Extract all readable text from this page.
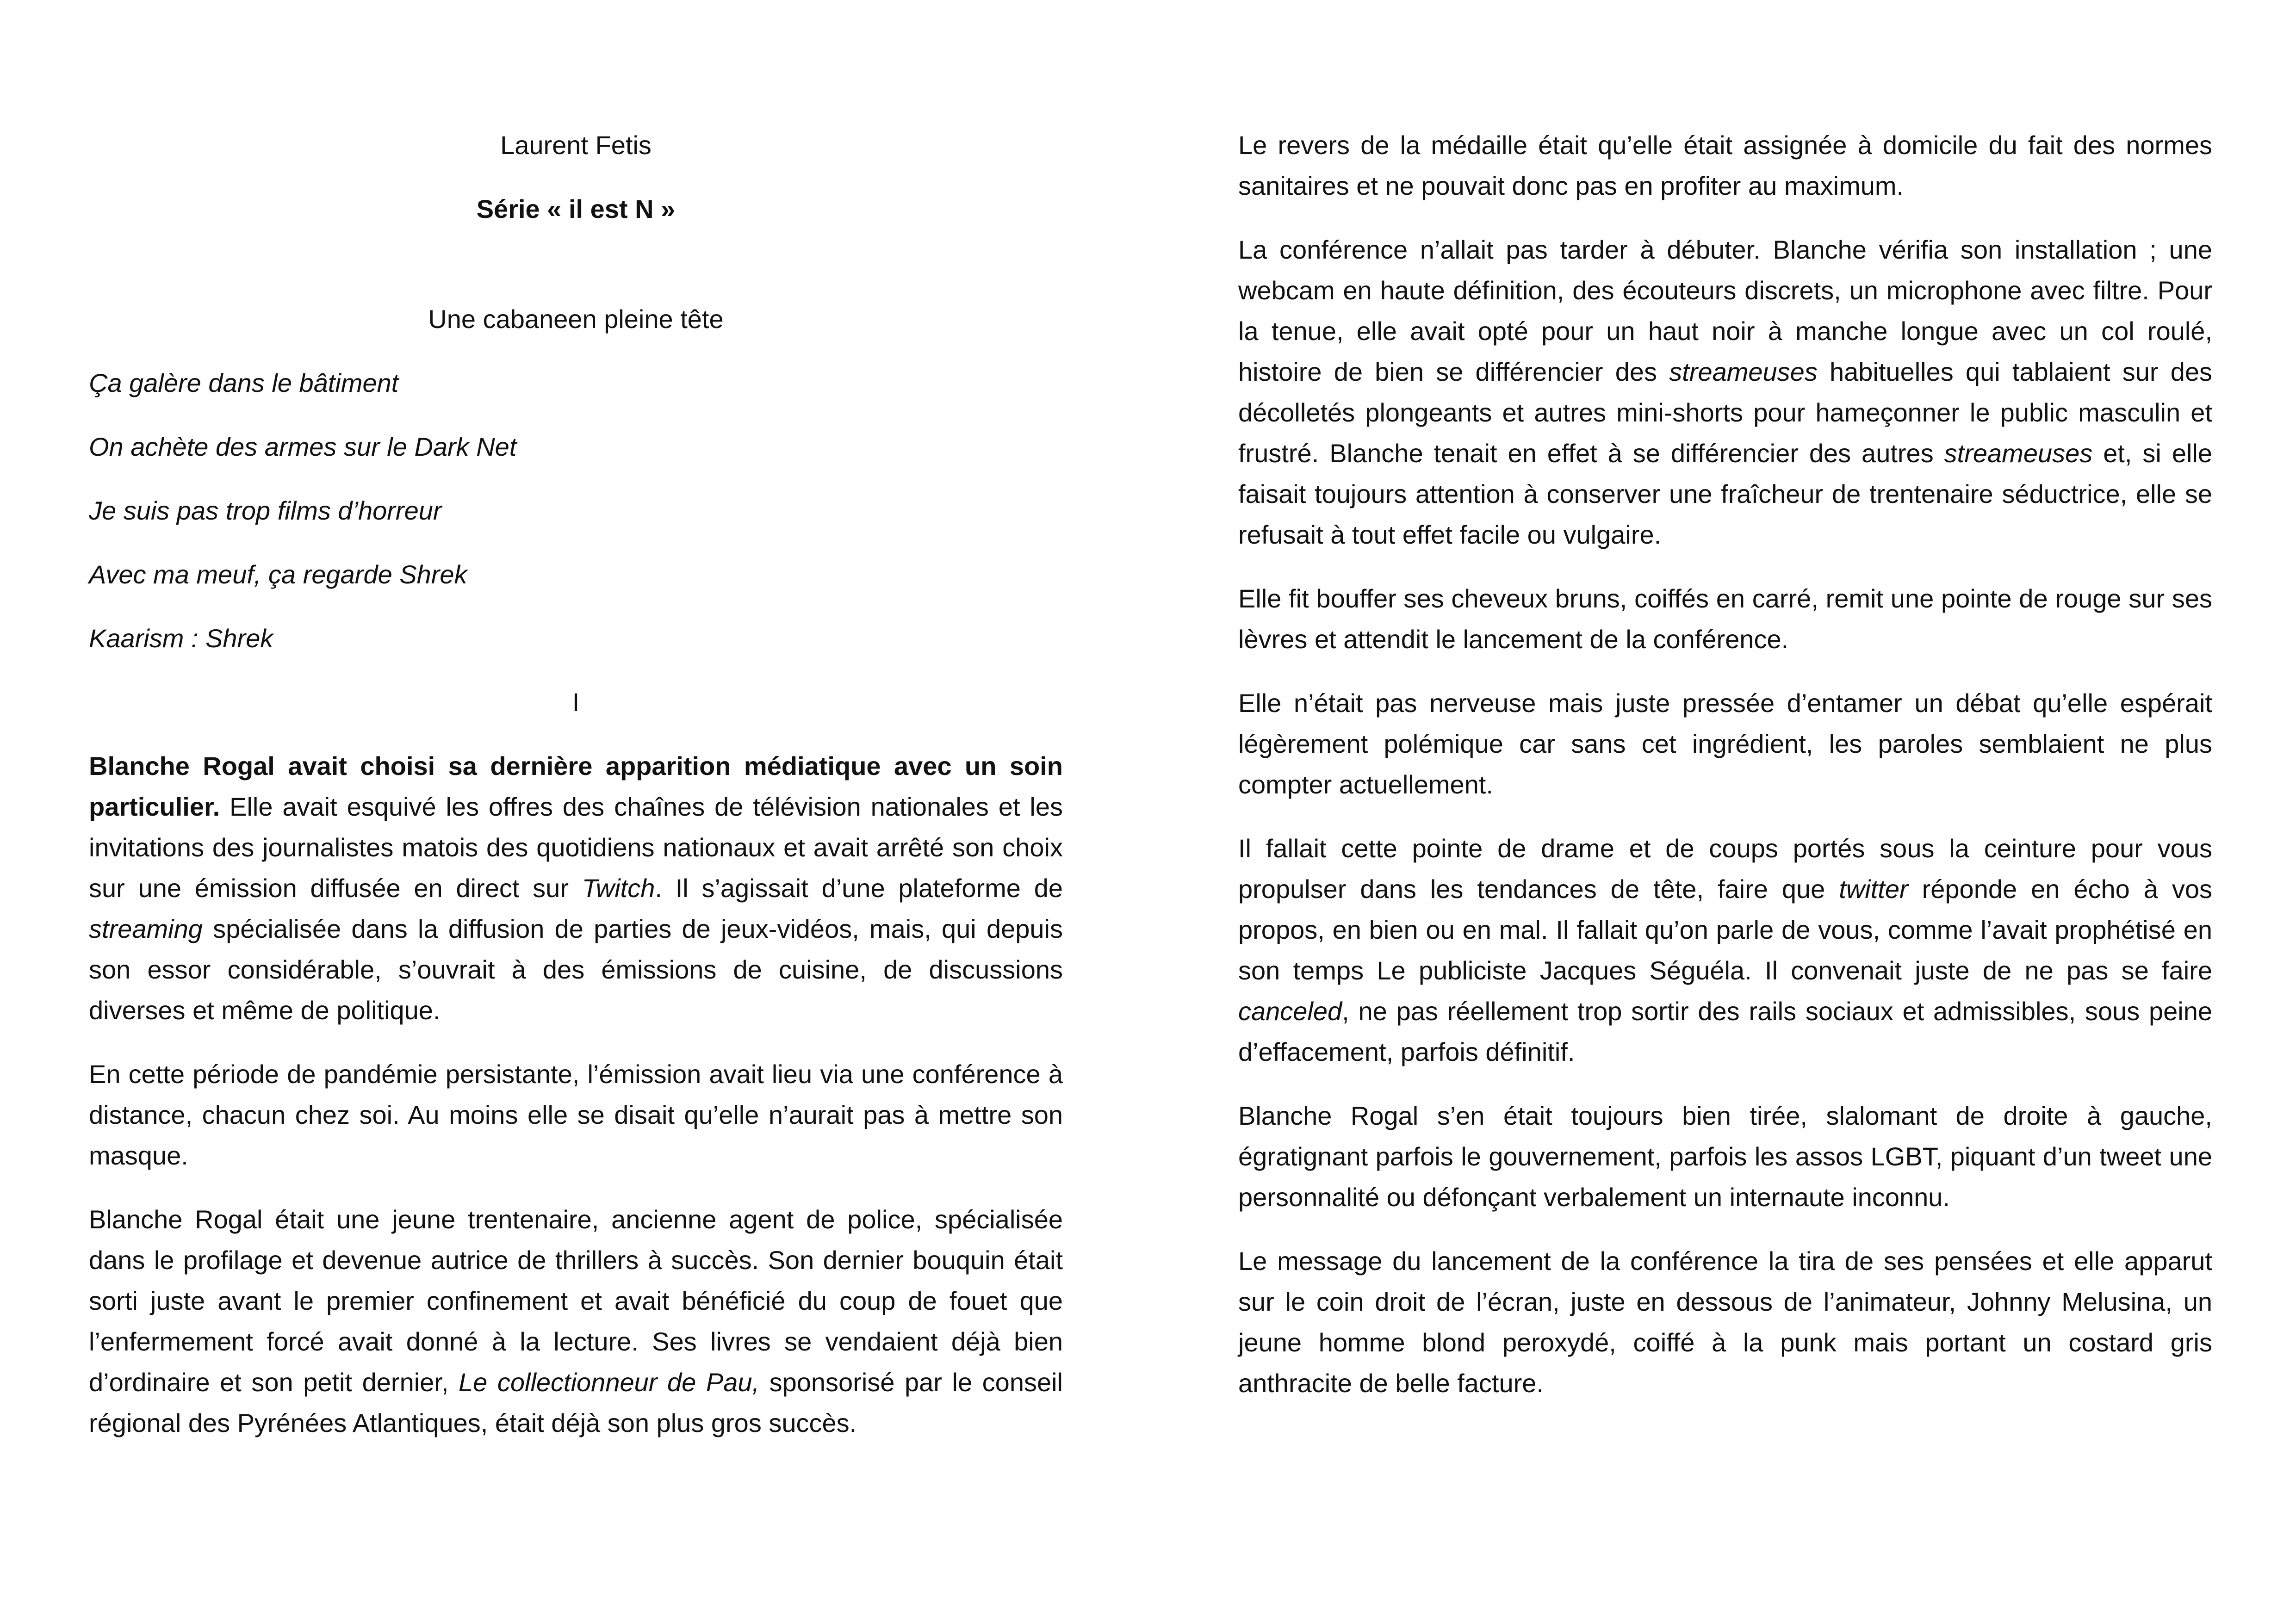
Laurent Fetis

Série « il est N »

Une cabaneen pleine tête

Ça galère dans le bâtiment

On achète des armes sur le Dark Net

Je suis pas trop films d’horreur

Avec ma meuf, ça regarde Shrek

Kaarism : Shrek

I

Blanche Rogal avait choisi sa dernière apparition médiatique avec un soin particulier. Elle avait esquivé les offres des chaînes de télévision nationales et les invitations des journalistes matois des quotidiens nationaux et avait arrêté son choix sur une émission diffusée en direct sur Twitch. Il s’agissait d’une plateforme de streaming spécialisée dans la diffusion de parties de jeux-vidéos, mais, qui depuis son essor considérable, s’ouvrait à des émissions de cuisine, de discussions diverses et même de politique.

En cette période de pandémie persistante, l’émission avait lieu via une conférence à distance, chacun chez soi. Au moins elle se disait qu’elle n’aurait pas à mettre son masque.

Blanche Rogal était une jeune trentenaire, ancienne agent de police, spécialisée dans le profilage et devenue autrice de thrillers à succès. Son dernier bouquin était sorti juste avant le premier confinement et avait bénéficié du coup de fouet que l’enfermement forcé avait donné à la lecture. Ses livres se vendaient déjà bien d’ordinaire et son petit dernier, Le collectionneur de Pau, sponsorisé par le conseil régional des Pyrénées Atlantiques, était déjà son plus gros succès.

Le revers de la médaille était qu’elle était assignée à domicile du fait des normes sanitaires et ne pouvait donc pas en profiter au maximum.

La conférence n’allait pas tarder à débuter. Blanche vérifia son installation ; une webcam en haute définition, des écouteurs discrets, un microphone avec filtre. Pour la tenue, elle avait opté pour un haut noir à manche longue avec un col roulé, histoire de bien se différencier des streameuses habituelles qui tablaient sur des décolletés plongeants et autres mini-shorts pour hameçonner le public masculin et frustré. Blanche tenait en effet à se différencier des autres streameuses et, si elle faisait toujours attention à conserver une fraîcheur de trentenaire séductrice, elle se refusait à tout effet facile ou vulgaire.

Elle fit bouffer ses cheveux bruns, coiffés en carré, remit une pointe de rouge sur ses lèvres et attendit le lancement de la conférence.

Elle n’était pas nerveuse mais juste pressée d’entamer un débat qu’elle espérait légèrement polémique car sans cet ingrédient, les paroles semblaient ne plus compter actuellement.

Il fallait cette pointe de drame et de coups portés sous la ceinture pour vous propulser dans les tendances de tête, faire que twitter réponde en écho à vos propos, en bien ou en mal. Il fallait qu’on parle de vous, comme l’avait prophétisé en son temps Le publiciste Jacques Séguéla. Il convenait juste de ne pas se faire canceled, ne pas réellement trop sortir des rails sociaux et admissibles, sous peine d’effacement, parfois définitif.

Blanche Rogal s’en était toujours bien tirée, slalomant de droite à gauche, égratignant parfois le gouvernement, parfois les assos LGBT, piquant d’un tweet une personnalité ou défonçant verbalement un internaute inconnu.

Le message du lancement de la conférence la tira de ses pensées et elle apparut sur le coin droit de l’écran, juste en dessous de l’animateur, Johnny Melusina, un jeune homme blond peroxydé, coiffé à la punk mais portant un costard gris anthracite de belle facture.
